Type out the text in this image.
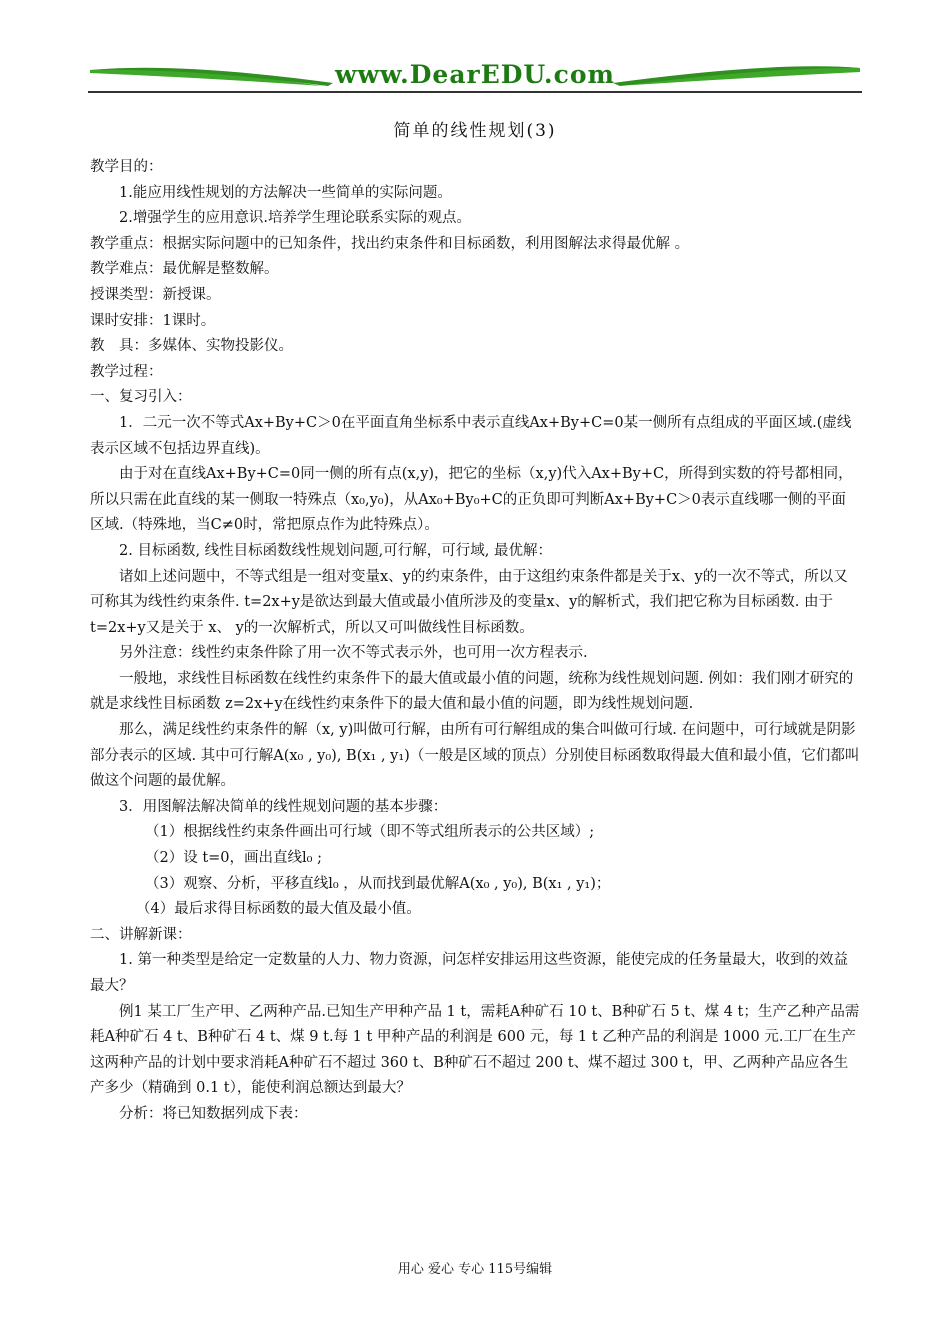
www.DearEDU.com
简单的线性规划(3)

教学目的：

1.能应用线性规划的方法解决一些简单的实际问题。

2.增强学生的应用意识.培养学生理论联系实际的观点。

教学重点：根据实际问题中的已知条件，找出约束条件和目标函数，利用图解法求得最优解 。

教学难点：最优解是整数解。

授课类型：新授课。

课时安排：1课时。

教　具：多媒体、实物投影仪。

教学过程：

一、复习引入：

1．二元一次不等式Ax+By+C＞0在平面直角坐标系中表示直线Ax+By+C=0某一侧所有点组成的平面区域.(虚线表示区域不包括边界直线)。

由于对在直线Ax+By+C=0同一侧的所有点(x,y)，把它的坐标（x,y)代入Ax+By+C，所得到实数的符号都相同，所以只需在此直线的某一侧取一特殊点（x₀,y₀)，从Ax₀+By₀+C的正负即可判断Ax+By+C＞0表示直线哪一侧的平面区域.（特殊地，当C≠0时，常把原点作为此特殊点）。

2. 目标函数, 线性目标函数线性规划问题,可行解，可行域, 最优解：

诸如上述问题中，不等式组是一组对变量x、y的约束条件，由于这组约束条件都是关于x、y的一次不等式，所以又可称其为线性约束条件. t=2x+y是欲达到最大值或最小值所涉及的变量x、y的解析式，我们把它称为目标函数. 由于 t=2x+y又是关于 x、 y的一次解析式，所以又可叫做线性目标函数。

另外注意：线性约束条件除了用一次不等式表示外，也可用一次方程表示.

一般地，求线性目标函数在线性约束条件下的最大值或最小值的问题，统称为线性规划问题. 例如：我们刚才研究的就是求线性目标函数 z=2x+y在线性约束条件下的最大值和最小值的问题，即为线性规划问题.

那么，满足线性约束条件的解（x, y)叫做可行解，由所有可行解组成的集合叫做可行域. 在问题中，可行域就是阴影部分表示的区域. 其中可行解A(x₀ , y₀), B(x₁ , y₁)（一般是区域的顶点）分别使目标函数取得最大值和最小值，它们都叫做这个问题的最优解。

3．用图解法解决简单的线性规划问题的基本步骤：

（1）根据线性约束条件画出可行域（即不等式组所表示的公共区域）;

（2）设 t=0，画出直线l₀ ;

（3）观察、分析，平移直线l₀ ，从而找到最优解A(x₀ , y₀), B(x₁ , y₁)；

（4）最后求得目标函数的最大值及最小值。

二、讲解新课：

1. 第一种类型是给定一定数量的人力、物力资源，问怎样安排运用这些资源，能使完成的任务量最大，收到的效益最大？

例1 某工厂生产甲、乙两种产品.已知生产甲种产品 1 t，需耗A种矿石 10 t、B种矿石 5 t、煤 4 t；生产乙种产品需耗A种矿石 4 t、B种矿石 4 t、煤 9 t.每 1 t 甲种产品的利润是 600 元，每 1 t 乙种产品的利润是 1000 元.工厂在生产这两种产品的计划中要求消耗A种矿石不超过 360 t、B种矿石不超过 200 t、煤不超过 300 t，甲、乙两种产品应各生产多少（精确到 0.1 t），能使利润总额达到最大？

分析：将已知数据列成下表：

用心 爱心 专心 115号编辑
